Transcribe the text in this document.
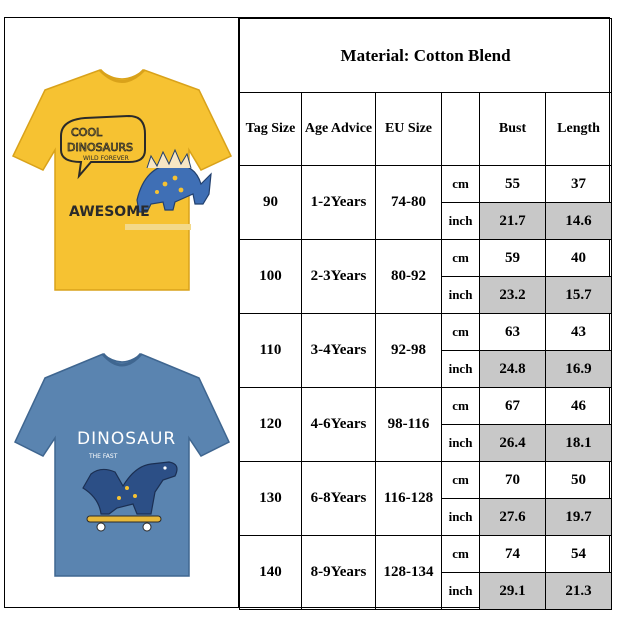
COOL
DINOSAURS
WILD FOREVER
AWESOME
DINOSAUR
THE FAST
Material: Cotton Blend					
Tag Size	Age Advice	EU Size		Bust	Length
90	1-2Years	74-80	cm	55	37
			inch	21.7	14.6
100	2-3Years	80-92	cm	59	40
			inch	23.2	15.7
110	3-4Years	92-98	cm	63	43
			inch	24.8	16.9
120	4-6Years	98-116	cm	67	46
			inch	26.4	18.1
130	6-8Years	116-128	cm	70	50
			inch	27.6	19.7
140	8-9Years	128-134	cm	74	54
			inch	29.1	21.3
